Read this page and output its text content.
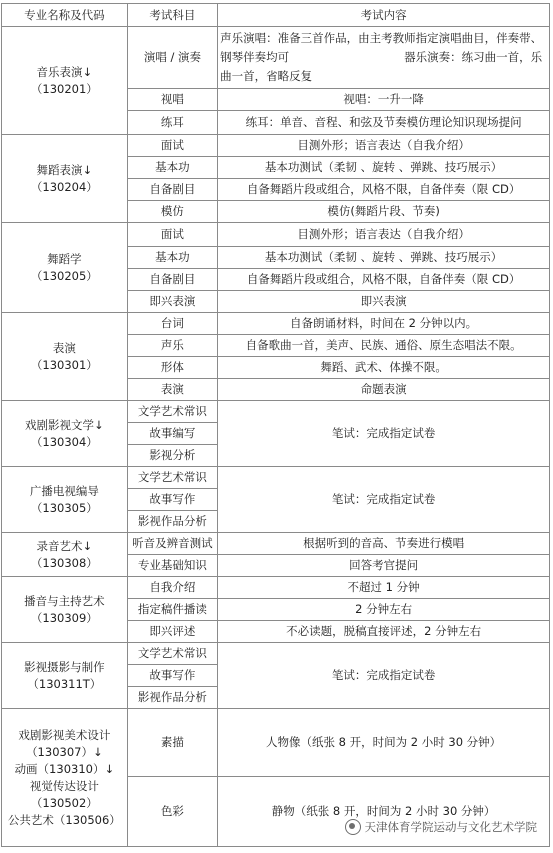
专业名称及代码	考试科目	考试内容

音乐表演↓
（130201）	演唱 / 演奏	声乐演唱：准备三首作品，由主考教师指定演唱曲目，伴奏带、钢琴伴奏均可　　　　　　　　　　器乐演奏：练习曲一首，乐曲一首，省略反复
	视唱	视唱：一升一降
	练耳	练耳：单音、音程、和弦及节奏模仿理论知识现场提问

舞蹈表演↓
（130204）	面试	目测外形；语言表达（自我介绍）
	基本功	基本功测试（柔韧 、旋转 、弹跳、技巧展示）
	自备剧目	自备舞蹈片段或组合，风格不限，自备伴奏（限 CD）
	模仿	模仿(舞蹈片段、节奏)

舞蹈学
（130205）	面试	目测外形；语言表达（自我介绍）
	基本功	基本功测试（柔韧 、旋转 、弹跳、技巧展示）
	自备剧目	自备舞蹈片段或组合，风格不限，自备伴奏（限 CD）
	即兴表演	即兴表演

表演
（130301）	台词	自备朗诵材料，时间在 2 分钟以内。
	声乐	自备歌曲一首，美声、民族、通俗、原生态唱法不限。
	形体	舞蹈、武术、体操不限。
	表演	命题表演

戏剧影视文学↓
（130304）	文学艺术常识	笔试：完成指定试卷
	故事编写	
	影视分析	

广播电视编导（130305）	文学艺术常识	笔试：完成指定试卷
	故事写作	
	影视作品分析	

录音艺术↓
（130308）	听音及辨音测试	根据听到的音高、节奏进行模唱
	专业基础知识	回答考官提问

播音与主持艺术
（130309）	自我介绍	不超过 1 分钟
	指定稿件播读	2 分钟左右
	即兴评述	不必读题，脱稿直接评述，2 分钟左右

影视摄影与制作
（130311T）	文学艺术常识	笔试：完成指定试卷
	故事写作	
	影视作品分析	

戏剧影视美术设计
（130307）↓
动画（130310）↓
视觉传达设计（130502）
公共艺术（130506）	素描	人物像（纸张 8 开，时间为 2 小时 30 分钟）
	色彩	静物（纸张 8 开，时间为 2 小时 30 分钟）
天津体育学院运动与文化艺术学院
